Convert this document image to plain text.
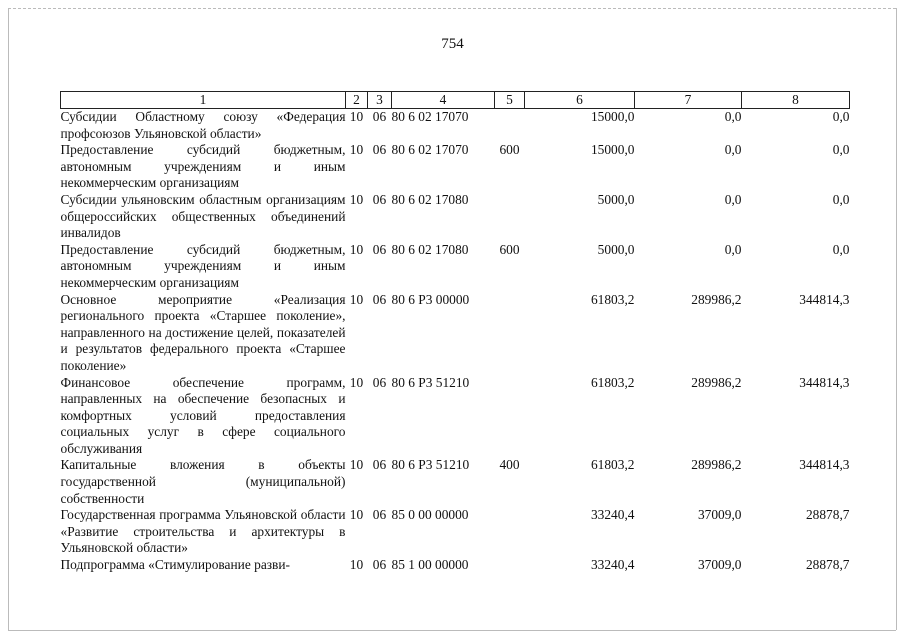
754
1	2	3	4	5	6	7	8
Субсидии Областному союзу «Федерация профсоюзов Ульяновской области»	10	06	80 6 02 17070		15000,0	0,0	0,0
Предоставление субсидий бюджетным, автономным учреждениям и иным некоммерческим организациям	10	06	80 6 02 17070	600	15000,0	0,0	0,0
Субсидии ульяновским областным организациям общероссийских общественных объединений инвалидов	10	06	80 6 02 17080		5000,0	0,0	0,0
Предоставление субсидий бюджетным, автономным учреждениям и иным некоммерческим организациям	10	06	80 6 02 17080	600	5000,0	0,0	0,0
Основное мероприятие «Реализация регионального проекта «Старшее поколение», направленного на достижение целей, показателей и результатов федерального проекта «Старшее поколение»	10	06	80 6 P3 00000		61803,2	289986,2	344814,3
Финансовое обеспечение программ, направленных на обеспечение безопасных и комфортных условий предоставления социальных услуг в сфере социального обслуживания	10	06	80 6 P3 51210		61803,2	289986,2	344814,3
Капитальные вложения в объекты государственной (муниципальной) собственности	10	06	80 6 P3 51210	400	61803,2	289986,2	344814,3
Государственная программа Ульяновской области «Развитие строительства и архитектуры в Ульяновской области»	10	06	85 0 00 00000		33240,4	37009,0	28878,7
Подпрограмма «Стимулирование разви-	10	06	85 1 00 00000		33240,4	37009,0	28878,7
